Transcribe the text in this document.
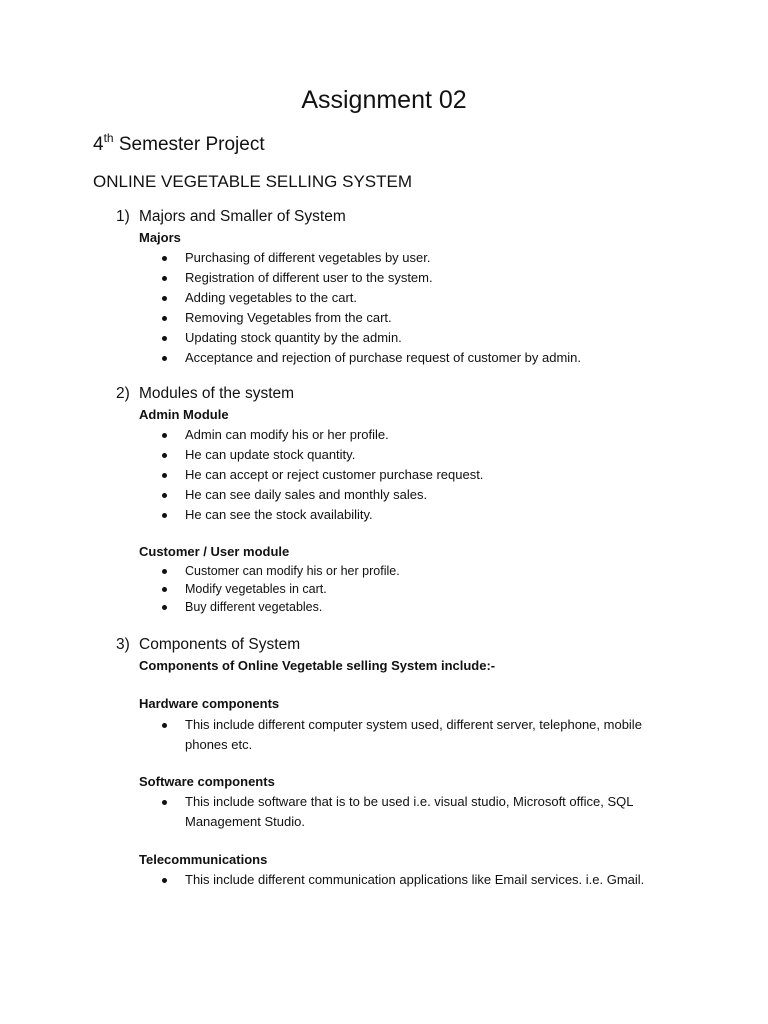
Assignment 02
4th Semester Project
ONLINE VEGETABLE SELLING SYSTEM
1) Majors and Smaller of System
Majors
Purchasing of different vegetables by user.
Registration of different user to the system.
Adding vegetables to the cart.
Removing Vegetables from the cart.
Updating stock quantity by the admin.
Acceptance and rejection of purchase request of customer by admin.
2) Modules of the system
Admin Module
Admin can modify his or her profile.
He can update stock quantity.
He can accept or reject customer purchase request.
He can see daily sales and monthly sales.
He can see the stock availability.
Customer / User module
Customer can modify his or her profile.
Modify vegetables in cart.
Buy different vegetables.
3) Components of System
Components of Online Vegetable selling System include:-
Hardware components
This include different computer system used, different server, telephone, mobile phones etc.
Software components
This include software that is to be used i.e. visual studio, Microsoft office, SQL Management Studio.
Telecommunications
This include different communication applications like Email services. i.e. Gmail.
